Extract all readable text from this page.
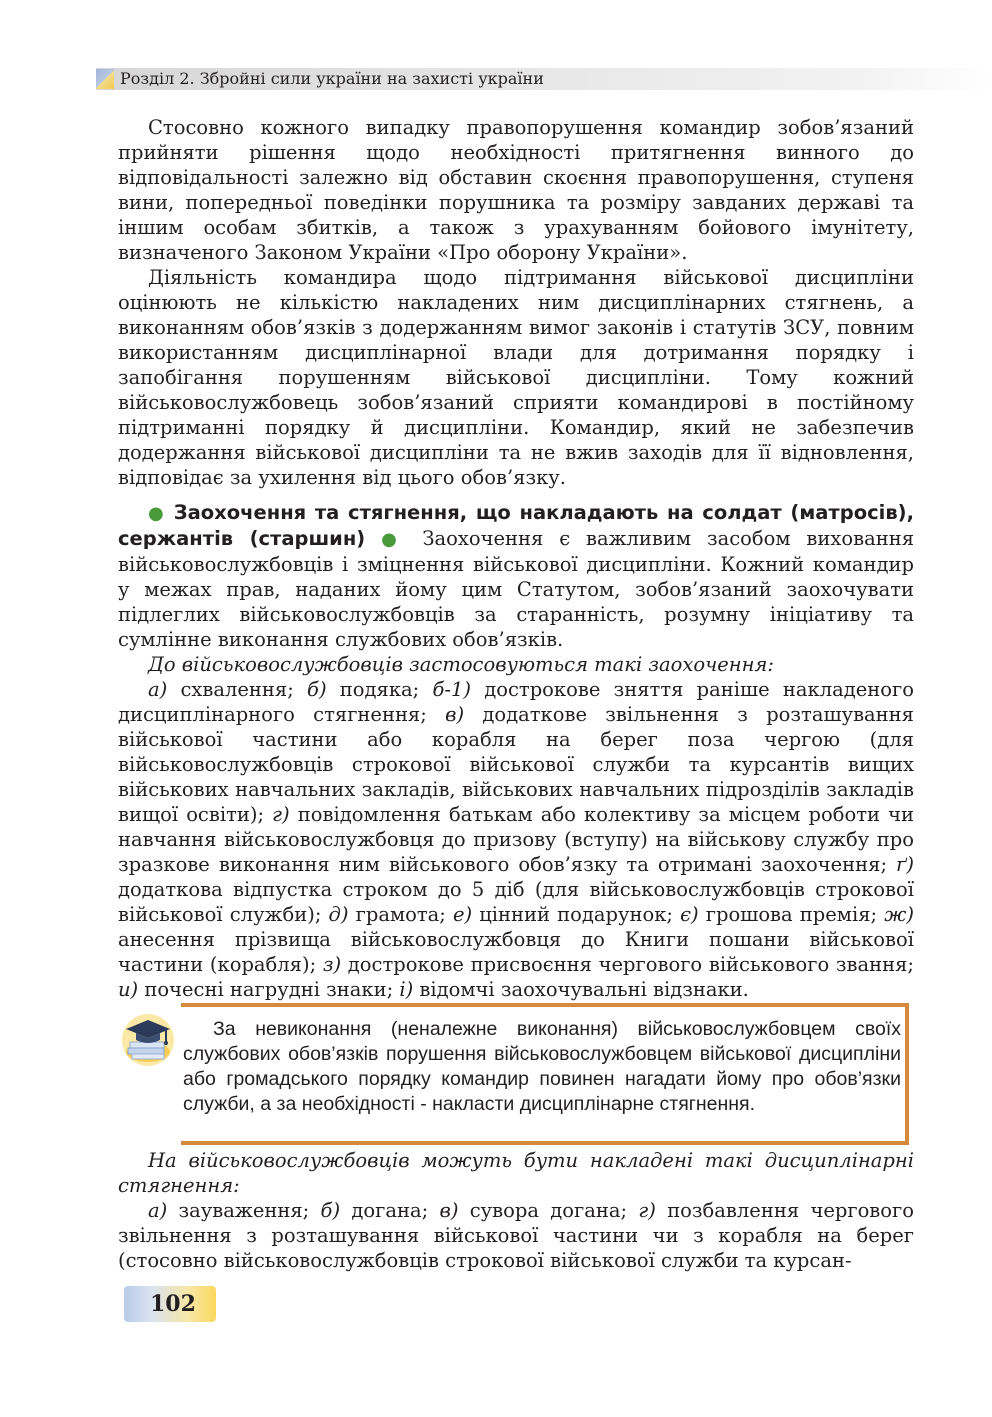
Розділ 2. Збройні сили україни на захисті україни

Стосовно кожного випадку правопорушення командир зобов’язаний прийняти рішення щодо необхідності притягнення винного до відповідальності залежно від обставин скоєння правопорушення, ступеня вини, попередньої поведінки порушника та розміру завданих державі та іншим особам збитків, а також з урахуванням бойового імунітету, визначеного Законом України «Про оборону України».

Діяльність командира щодо підтримання військової дисципліни оцінюють не кількістю накладених ним дисциплінарних стягнень, а виконанням обов’язків з додержанням вимог законів і статутів ЗСУ, повним використанням дисциплінарної влади для дотримання порядку і запобігання порушенням військової дисципліни. Тому кожний військовослужбовець зобов’язаний сприяти командирові в постійному підтриманні порядку й дисципліни. Командир, який не забезпечив додержання військової дисципліни та не вжив заходів для її відновлення, відповідає за ухилення від цього обов’язку.

● Заохочення та стягнення, що накладають на солдат (матросів), сержантів (старшин) ● Заохочення є важливим засобом виховання військовослужбовців і зміцнення військової дисципліни. Кожний командир у межах прав, наданих йому цим Статутом, зобов’язаний заохочувати підлеглих військовослужбовців за старанність, розумну ініціативу та сумлінне виконання службових обов’язків.

До військовослужбовців застосовуються такі заохочення:

а) схвалення; б) подяка; б-1) дострокове зняття раніше накладеного дисциплінарного стягнення; в) додаткове звільнення з розташування військової частини або корабля на берег поза чергою (для військовослужбовців строкової військової служби та курсантів вищих військових навчальних закладів, військових навчальних підрозділів закладів вищої освіти); г) повідомлення батькам або колективу за місцем роботи чи навчання військовослужбовця до призову (вступу) на військову службу про зразкове виконання ним військового обов’язку та отримані заохочення; ґ) додаткова відпустка строком до 5 діб (для військовослужбовців строкової військової служби); д) грамота; е) цінний подарунок; є) грошова премія; ж) анесення прізвища військовослужбовця до Книги пошани військової частини (корабля); з) дострокове присвоєння чергового військового звання; и) почесні нагрудні знаки; і) відомчі заохочувальні відзнаки.

За невиконання (неналежне виконання) військовослужбовцем своїх службових обов’язків порушення військовослужбовцем військової дисципліни або громадського порядку командир повинен нагадати йому про обов’язки служби, а за необхідності - накласти дисциплінарне стягнення.

На військовослужбовців можуть бути накладені такі дисциплінарні стягнення:

а) зауваження; б) догана; в) сувора догана; г) позбавлення чергового звільнення з розташування військової частини чи з корабля на берег (стосовно військовослужбовців строкової військової служби та курсан-

102
